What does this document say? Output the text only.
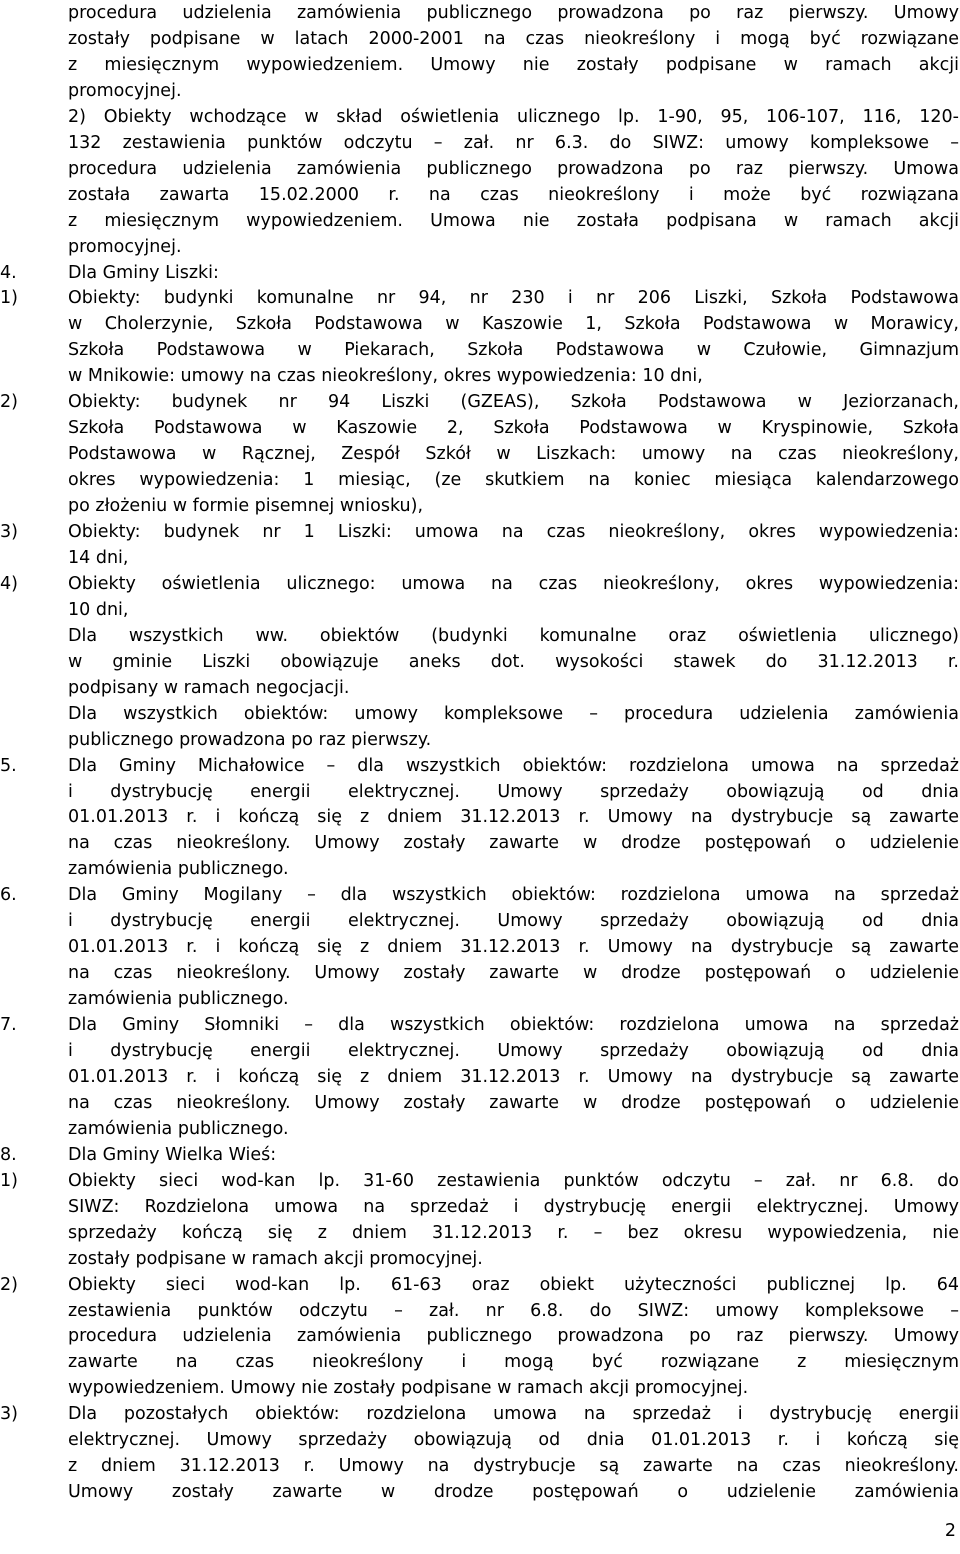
procedura udzielenia zamówienia publicznego prowadzona po raz pierwszy. Umowy
zostały podpisane w latach 2000-2001 na czas nieokreślony i mogą być rozwiązane
z miesięcznym wypowiedzeniem. Umowy nie zostały podpisane w ramach akcji
promocyjnej.
2) Obiekty wchodzące w skład oświetlenia ulicznego lp. 1-90, 95, 106-107, 116, 120-
132 zestawienia punktów odczytu – zał. nr 6.3. do SIWZ: umowy kompleksowe –
procedura udzielenia zamówienia publicznego prowadzona po raz pierwszy. Umowa
została zawarta 15.02.2000 r. na czas nieokreślony i może być rozwiązana
z miesięcznym wypowiedzeniem. Umowa nie została podpisana w ramach akcji
promocyjnej.
4.	Dla Gminy Liszki:
1)	Obiekty: budynki komunalne nr 94, nr 230 i nr 206 Liszki, Szkoła Podstawowa
w Cholerzynie, Szkoła Podstawowa w Kaszowie 1, Szkoła Podstawowa w Morawicy,
Szkoła Podstawowa w Piekarach, Szkoła Podstawowa w Czułowie, Gimnazjum
w Mnikowie: umowy na czas nieokreślony, okres wypowiedzenia: 10 dni,
2)	Obiekty: budynek nr 94 Liszki (GZEAS), Szkoła Podstawowa w Jeziorzanach,
Szkoła Podstawowa w Kaszowie 2, Szkoła Podstawowa w Kryspinowie, Szkoła
Podstawowa w Rącznej, Zespół Szkół w Liszkach: umowy na czas nieokreślony,
okres wypowiedzenia: 1 miesiąc, (ze skutkiem na koniec miesiąca kalendarzowego
po złożeniu w formie pisemnej wniosku),
3)	Obiekty: budynek nr 1 Liszki: umowa na czas nieokreślony, okres wypowiedzenia:
14 dni,
4)	Obiekty oświetlenia ulicznego: umowa na czas nieokreślony, okres wypowiedzenia:
10 dni,
Dla wszystkich ww. obiektów (budynki komunalne oraz oświetlenia ulicznego)
w gminie Liszki obowiązuje aneks dot. wysokości stawek do 31.12.2013 r.
podpisany w ramach negocjacji.
Dla wszystkich obiektów: umowy kompleksowe – procedura udzielenia zamówienia
publicznego prowadzona po raz pierwszy.
5.	Dla Gminy Michałowice – dla wszystkich obiektów: rozdzielona umowa na sprzedaż
i dystrybucję energii elektrycznej. Umowy sprzedaży obowiązują od dnia
01.01.2013 r. i kończą się z dniem 31.12.2013 r. Umowy na dystrybucje są zawarte
na czas nieokreślony. Umowy zostały zawarte w drodze postępowań o udzielenie
zamówienia publicznego.
6.	Dla Gminy Mogilany – dla wszystkich obiektów: rozdzielona umowa na sprzedaż
i dystrybucję energii elektrycznej. Umowy sprzedaży obowiązują od dnia
01.01.2013 r. i kończą się z dniem 31.12.2013 r. Umowy na dystrybucje są zawarte
na czas nieokreślony. Umowy zostały zawarte w drodze postępowań o udzielenie
zamówienia publicznego.
7.	Dla Gminy Słomniki – dla wszystkich obiektów: rozdzielona umowa na sprzedaż
i dystrybucję energii elektrycznej. Umowy sprzedaży obowiązują od dnia
01.01.2013 r. i kończą się z dniem 31.12.2013 r. Umowy na dystrybucje są zawarte
na czas nieokreślony. Umowy zostały zawarte w drodze postępowań o udzielenie
zamówienia publicznego.
8.	Dla Gminy Wielka Wieś:
1)	Obiekty sieci wod-kan lp. 31-60 zestawienia punktów odczytu – zał. nr 6.8. do
SIWZ: Rozdzielona umowa na sprzedaż i dystrybucję energii elektrycznej. Umowy
sprzedaży kończą się z dniem 31.12.2013 r. – bez okresu wypowiedzenia, nie
zostały podpisane w ramach akcji promocyjnej.
2)	Obiekty sieci wod-kan lp. 61-63 oraz obiekt użyteczności publicznej lp. 64
zestawienia punktów odczytu – zał. nr 6.8. do SIWZ: umowy kompleksowe –
procedura udzielenia zamówienia publicznego prowadzona po raz pierwszy. Umowy
zawarte na czas nieokreślony i mogą być rozwiązane z miesięcznym
wypowiedzeniem. Umowy nie zostały podpisane w ramach akcji promocyjnej.
3)	Dla pozostałych obiektów: rozdzielona umowa na sprzedaż i dystrybucję energii
elektrycznej. Umowy sprzedaży obowiązują od dnia 01.01.2013 r. i kończą się
z dniem 31.12.2013 r. Umowy na dystrybucje są zawarte na czas nieokreślony.
Umowy zostały zawarte w drodze postępowań o udzielenie zamówienia
2
